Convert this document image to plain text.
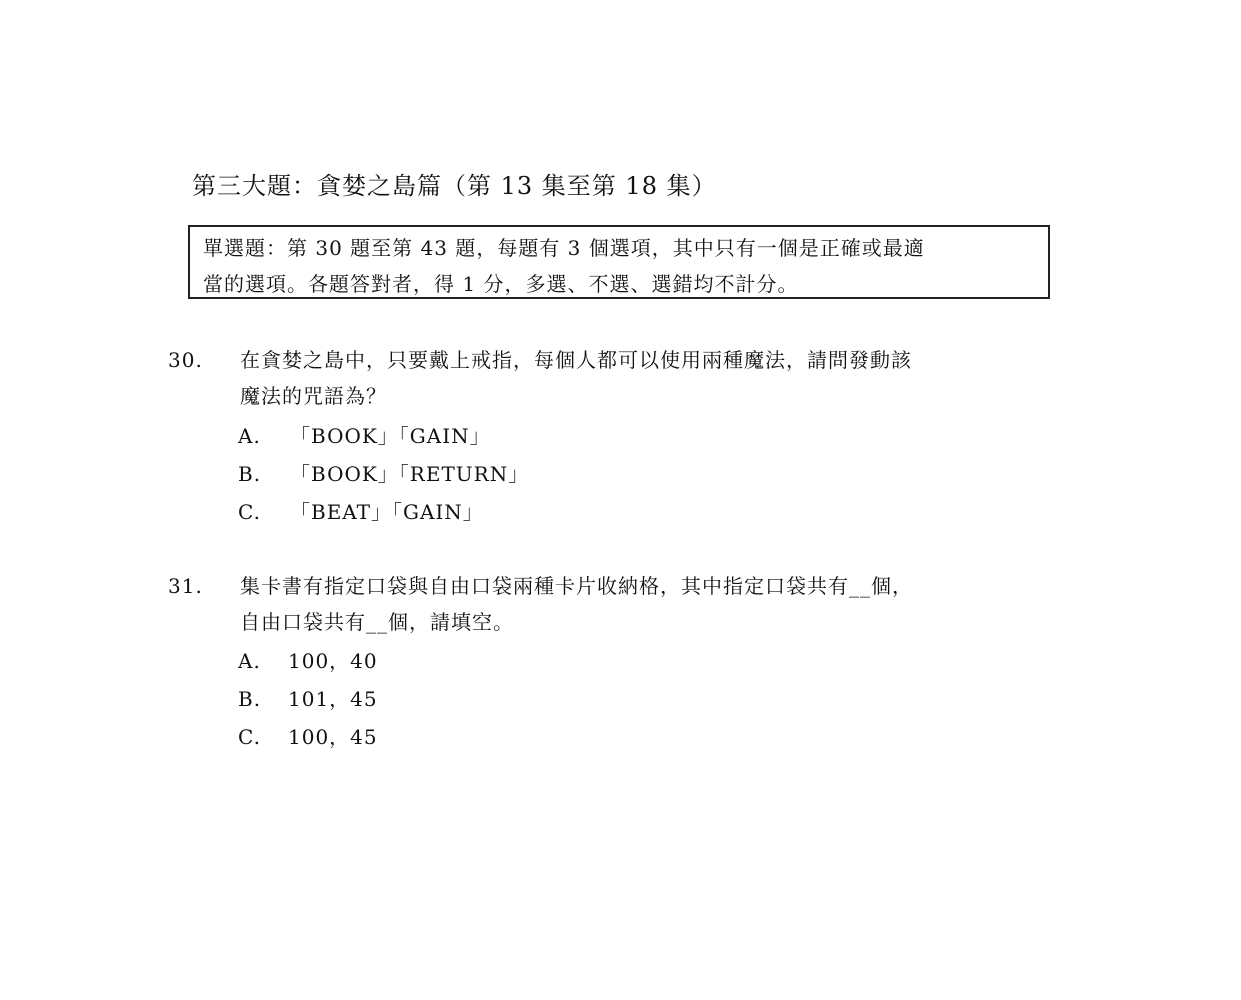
第三大題：貪婪之島篇（第 13 集至第 18 集）
單選題：第 30 題至第 43 題，每題有 3 個選項，其中只有一個是正確或最適
當的選項。各題答對者，得 1 分，多選、不選、選錯均不計分。
30. 在貪婪之島中，只要戴上戒指，每個人都可以使用兩種魔法，請問發動該
魔法的咒語為？
A. 「BOOK」「GAIN」
B. 「BOOK」「RETURN」
C. 「BEAT」「GAIN」
31. 集卡書有指定口袋與自由口袋兩種卡片收納格，其中指定口袋共有__個，
自由口袋共有__個，請填空。
A. 100，40
B. 101，45
C. 100，45
